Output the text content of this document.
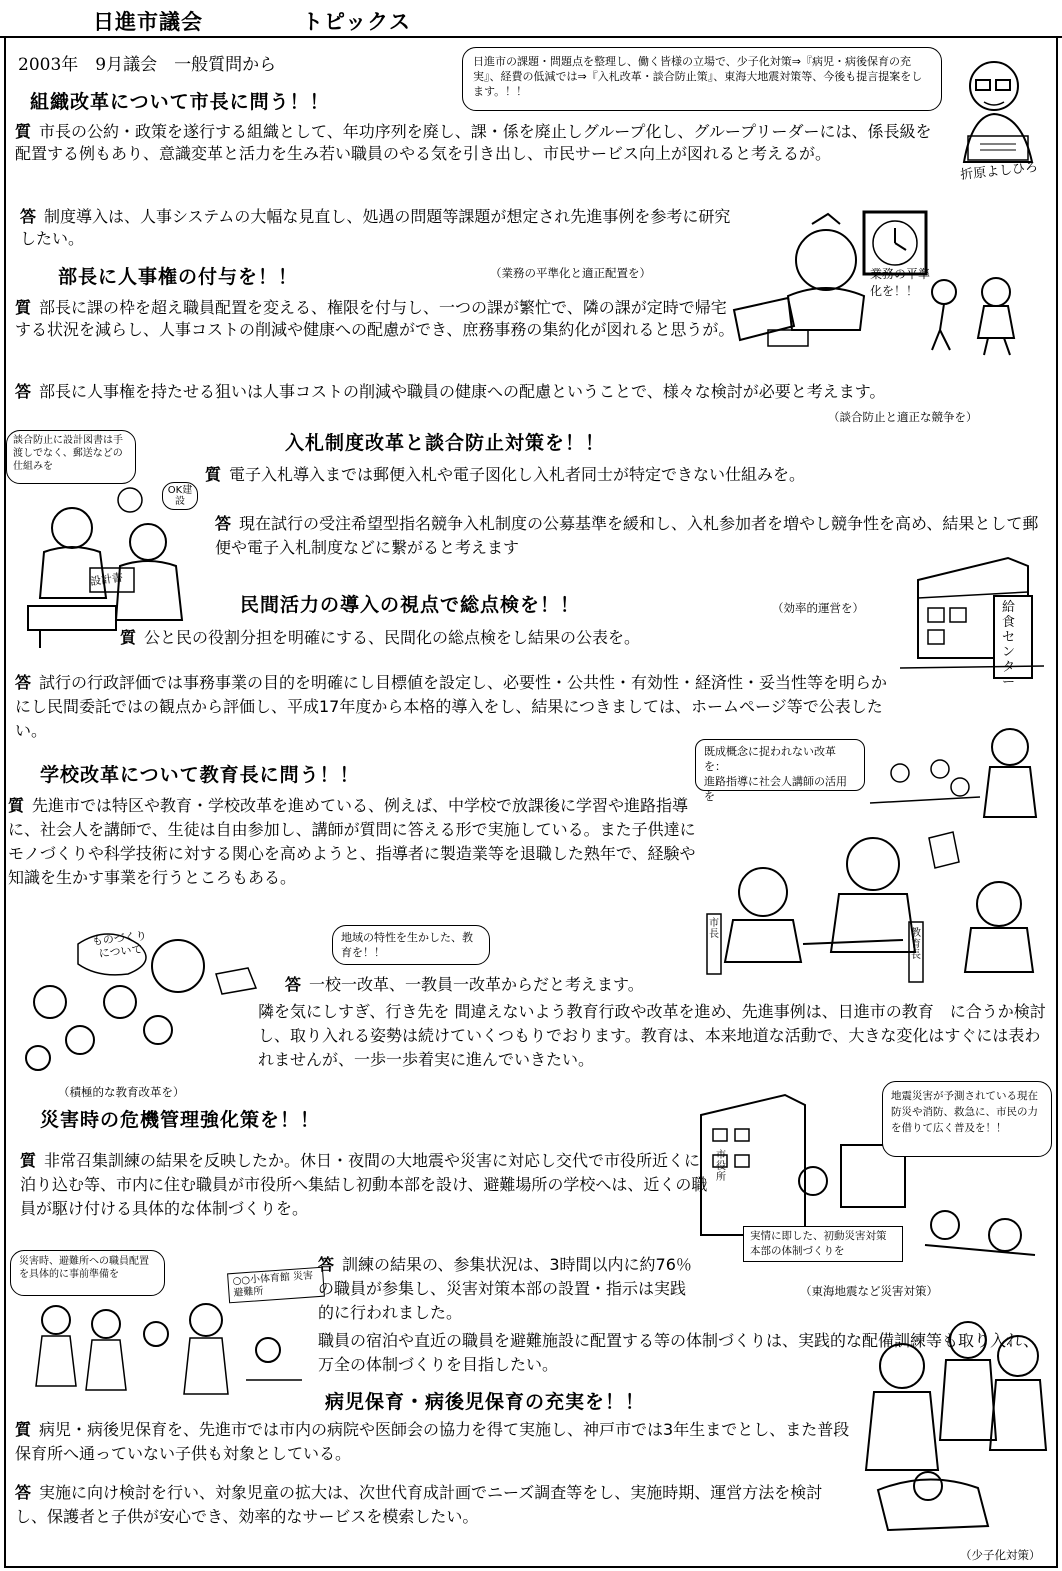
日進市議会	トピックス
2003年　9月議会　一般質問から	日進市の課題・問題点を整理し、働く皆様の立場で、少子化対策⇒『病児・病後保育の充実』、経費の低減では⇒『入札改革・談合防止策』、東海大地震対策等、今後も提言提案をします。！！
折原よしひろ
組織改革について市長に問う！！
質 市長の公約・政策を遂行する組織として、年功序列を廃し、課・係を廃止しグループ化し、グループリーダーには、係長級を配置する例もあり、意識変革と活力を生み若い職員のやる気を引き出し、市民サービス向上が図れると考えるが。
答 制度導入は、人事システムの大幅な見直し、処遇の問題等課題が想定され先進事例を参考に研究したい。
部長に人事権の付与を！！	（業務の平準化と適正配置を）
質 部長に課の枠を超え職員配置を変える、権限を付与し、一つの課が繁忙で、隣の課が定時で帰宅する状況を減らし、人事コストの削減や健康への配慮ができ、庶務事務の集約化が図れると思うが。
答 部長に人事権を持たせる狙いは人事コストの削減や職員の健康への配慮ということで、様々な検討が必要と考えます。
業務の平準化を！！
（談合防止と適正な競争を）
入札制度改革と談合防止対策を！！
談合防止に設計図書は手渡しでなく、郵送などの仕組みを	質 電子入札導入までは郵便入札や電子図化し入札者同士が特定できない仕組みを。
答 現在試行の受注希望型指名競争入札制度の公募基準を緩和し、入札参加者を増やし競争性を高め、結果として郵便や電子入札制度などに繋がると考えます
設計書
OK建設
民間活力の導入の視点で総点検を！！	（効率的運営を）
質 公と民の役割分担を明確にする、民間化の総点検をし結果の公表を。
答 試行の行政評価では事務事業の目的を明確にし目標値を設定し、必要性・公共性・有効性・経済性・妥当性等を明らかにし民間委託ではの観点から評価し、平成17年度から本格的導入をし、結果につきましては、ホームページ等で公表したい。
給食センター
学校改革について教育長に問う！！
既成概念に捉われない改革を：
進路指導に社会人講師の活用を
質 先進市では特区や教育・学校改革を進めている、例えば、中学校で放課後に学習や進路指導に、社会人を講師で、生徒は自由参加し、講師が質問に答える形で実施している。また子供達にモノづくりや科学技術に対する関心を高めようと、指導者に製造業等を退職した熟年で、経験や知識を生かす事業を行うところもある。
市長	教育長
地域の特性を生かした、教育を！！
答 一校一改革、一教員一改革からだと考えます。
隣を気にしすぎ、行き先を 間違えないよう教育行政や改革を進め、先進事例は、日進市の教育　に合うか検討し、取り入れる姿勢は続けていくつもりでおります。教育は、本来地道な活動で、大きな変化はすぐには表われませんが、一歩一歩着実に進んでいきたい。
ものづくりについて
（積極的な教育改革を）
災害時の危機管理強化策を！！
質 非常召集訓練の結果を反映したか。休日・夜間の大地震や災害に対応し交代で市役所近くに泊り込む等、市内に住む職員が市役所へ集結し初動本部を設け、避難場所の学校へは、近くの職員が駆け付ける具体的な体制づくりを。
市役所
地震災害が予測されている現在防災や消防、救急に、市民の力を借りて広く普及を！！
実情に即した、初動災害対策本部の体制づくりを
（東海地震など災害対策）
災害時、避難所への職員配置を具体的に事前準備を	○○小体育館 災害避難所
答 訓練の結果の、参集状況は、3時間以内に約76％の職員が参集し、災害対策本部の設置・指示は実践的に行われました。
職員の宿泊や直近の職員を避難施設に配置する等の体制づくりは、実践的な配備訓練等も取り入れ、万全の体制づくりを目指したい。
病児保育・病後児保育の充実を！！
質 病児・病後児保育を、先進市では市内の病院や医師会の協力を得て実施し、神戸市では3年生までとし、また普段保育所へ通っていない子供も対象としている。
答 実施に向け検討を行い、対象児童の拡大は、次世代育成計画でニーズ調査等をし、実施時期、運営方法を検討し、保護者と子供が安心でき、効率的なサービスを模索したい。
（少子化対策）
